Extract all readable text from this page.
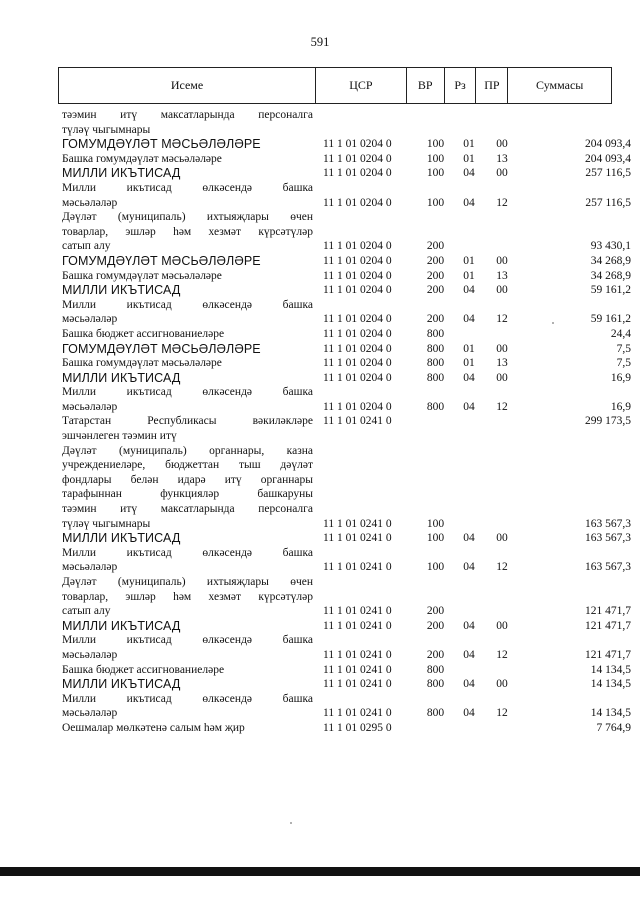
591
Исеме	ЦСР	ВР	Рз	ПР	Суммасы
тәэмин итү максатларында персоналга
түләү чыгымнары
ГОМУМДӘҮЛӘТ МӘСЬӘЛӘЛӘРЕ	11 1 01 0204 0	100	01	00	204 093,4
Башка гомумдәүләт мәсьәләләре	11 1 01 0204 0	100	01	13	204 093,4
МИЛЛИ ИКЪТИСАД	11 1 01 0204 0	100	04	00	257 116,5
Милли икътисад өлкәсендә башка
мәсьәләләр	11 1 01 0204 0	100	04	12	257 116,5
Дәүләт (муниципаль) ихтыяҗлары өчен
товарлар, эшләр һәм хезмәт күрсәтүләр
сатып алу	11 1 01 0204 0	200	93 430,1
ГОМУМДӘҮЛӘТ МӘСЬӘЛӘЛӘРЕ	11 1 01 0204 0	200	01	00	34 268,9
Башка гомумдәүләт мәсьәләләре	11 1 01 0204 0	200	01	13	34 268,9
МИЛЛИ ИКЪТИСАД	11 1 01 0204 0	200	04	00	59 161,2
Милли икътисад өлкәсендә башка
мәсьәләләр	11 1 01 0204 0	200	04	12	59 161,2
Башка бюджет ассигнованиеләре	11 1 01 0204 0	800	24,4
ГОМУМДӘҮЛӘТ МӘСЬӘЛӘЛӘРЕ	11 1 01 0204 0	800	01	00	7,5
Башка гомумдәүләт мәсьәләләре	11 1 01 0204 0	800	01	13	7,5
МИЛЛИ ИКЪТИСАД	11 1 01 0204 0	800	04	00	16,9
Милли икътисад өлкәсендә башка
мәсьәләләр	11 1 01 0204 0	800	04	12	16,9
Татарстан Республикасы вәкиләкләре
эшчәнлеген тәэмин итү
11 1 01 0241 0	299 173,5
Дәүләт (муниципаль) органнары, казна
учреждениеләре, бюджеттан тыш дәүләт
фондлары белән идарә итү органнары
тарафыннан функцияләр башкаруны
тәэмин итү максатларында персоналга
түләү чыгымнары	11 1 01 0241 0	100	163 567,3
МИЛЛИ ИКЪТИСАД	11 1 01 0241 0	100	04	00	163 567,3
Милли икътисад өлкәсендә башка
мәсьәләләр	11 1 01 0241 0	100	04	12	163 567,3
Дәүләт (муниципаль) ихтыяҗлары өчен
товарлар, эшләр һәм хезмәт күрсәтүләр
сатып алу	11 1 01 0241 0	200	121 471,7
МИЛЛИ ИКЪТИСАД	11 1 01 0241 0	200	04	00	121 471,7
Милли икътисад өлкәсендә башка
мәсьәләләр	11 1 01 0241 0	200	04	12	121 471,7
Башка бюджет ассигнованиеләре	11 1 01 0241 0	800	14 134,5
МИЛЛИ ИКЪТИСАД	11 1 01 0241 0	800	04	00	14 134,5
Милли икътисад өлкәсендә башка
мәсьәләләр	11 1 01 0241 0	800	04	12	14 134,5
Оешмалар мөлкәтенә салым һәм җир	11 1 01 0295 0	7 764,9
